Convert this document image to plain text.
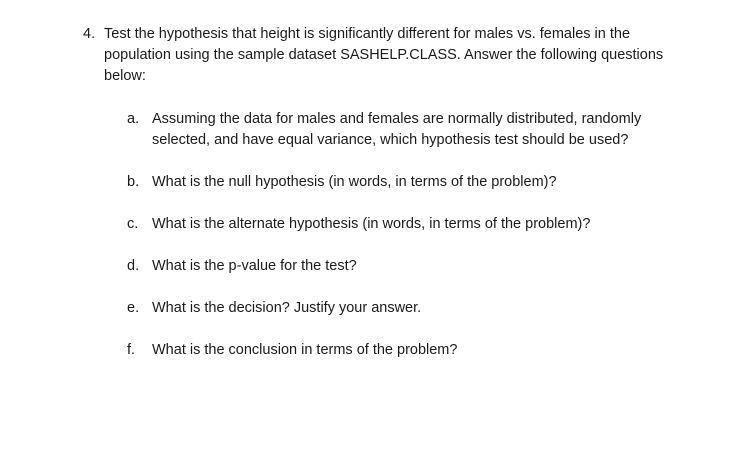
4. Test the hypothesis that height is significantly different for males vs. females in the population using the sample dataset SASHELP.CLASS. Answer the following questions below:
a. Assuming the data for males and females are normally distributed, randomly selected, and have equal variance, which hypothesis test should be used?
b. What is the null hypothesis (in words, in terms of the problem)?
c. What is the alternate hypothesis (in words, in terms of the problem)?
d. What is the p-value for the test?
e. What is the decision? Justify your answer.
f.	What is the conclusion in terms of the problem?
